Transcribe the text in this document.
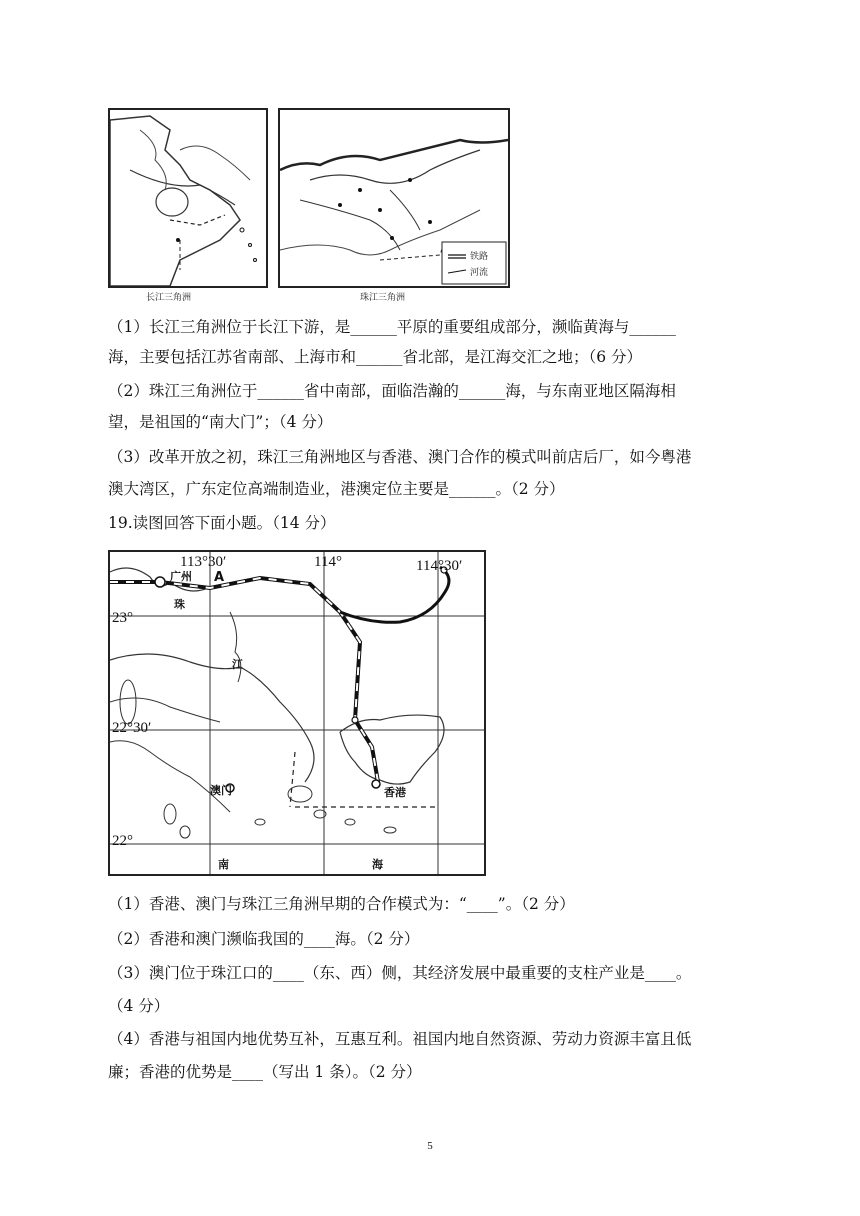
长江三角洲
铁路
河流
珠江三角洲
（1）长江三角洲位于长江下游，是______平原的重要组成部分，濒临黄海与______
海，主要包括江苏省南部、上海市和______省北部，是江海交汇之地；（6 分）
（2）珠江三角洲位于______省中南部，面临浩瀚的______海，与东南亚地区隔海相
望，是祖国的“南大门”；（4 分）
（3）改革开放之初，珠江三角洲地区与香港、澳门合作的模式叫前店后厂，如今粤港
澳大湾区，广东定位高端制造业，港澳定位主要是______。（2 分）
19.读图回答下面小题。（14 分）
113°30′	114°	114°30′
23°
22°30′
22°
广州 A
珠
江
澳门	香港
南	海
（1）香港、澳门与珠江三角洲早期的合作模式为：“____”。（2 分）
（2）香港和澳门濒临我国的____海。（2 分）
（3）澳门位于珠江口的____（东、西）侧，其经济发展中最重要的支柱产业是____。
（4 分）
（4）香港与祖国内地优势互补，互惠互利。祖国内地自然资源、劳动力资源丰富且低
廉；香港的优势是____（写出 1 条）。（2 分）
5
